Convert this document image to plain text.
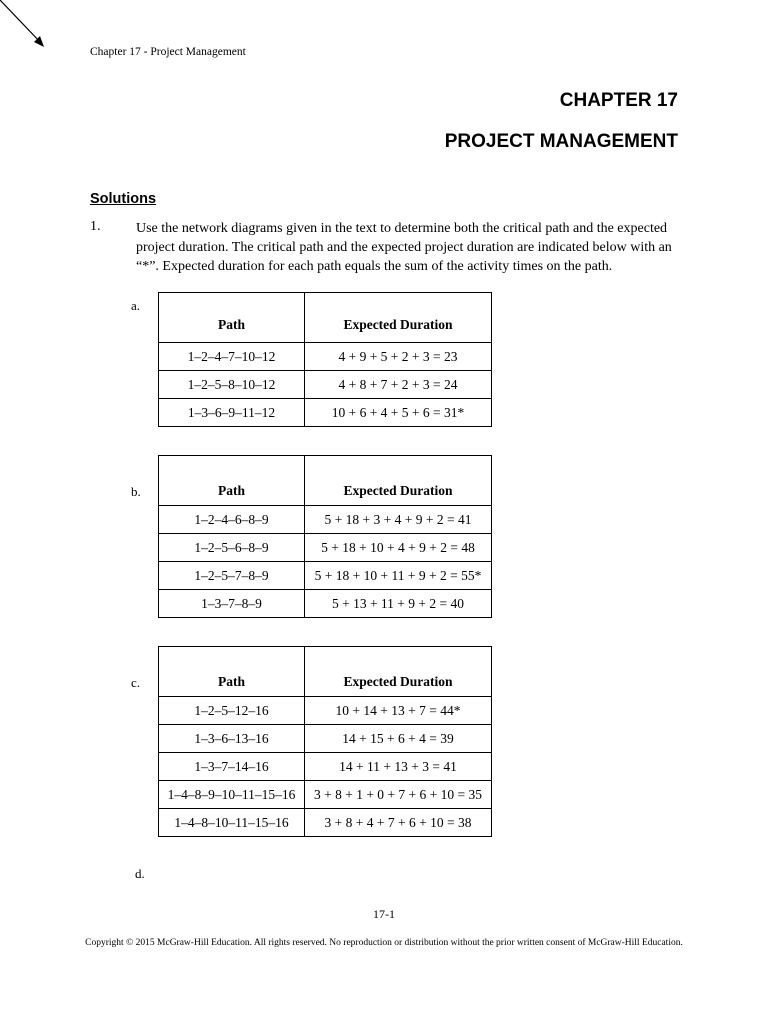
Chapter 17 - Project Management
CHAPTER 17
PROJECT MANAGEMENT
Solutions
1.	Use the network diagrams given in the text to determine both the critical path and the expected project duration. The critical path and the expected project duration are indicated below with an “*”. Expected duration for each path equals the sum of the activity times on the path.
a.
Path	Expected Duration
1–2–4–7–10–12	4 + 9 + 5 + 2 + 3 = 23
1–2–5–8–10–12	4 + 8 + 7 + 2 + 3 = 24
1–3–6–9–11–12	10 + 6 + 4 + 5 + 6 = 31*
b.	Path	Expected Duration
1–2–4–6–8–9	5 + 18 + 3 + 4 + 9 + 2 = 41
1–2–5–6–8–9	5 + 18 + 10 + 4 + 9 + 2 = 48
1–2–5–7–8–9	5 + 18 + 10 + 11 + 9 + 2 = 55*
1–3–7–8–9	5 + 13 + 11 + 9 + 2 = 40
c.	Path	Expected Duration
1–2–5–12–16	10 + 14 + 13 + 7 = 44*
1–3–6–13–16	14 + 15 + 6 + 4 = 39
1–3–7–14–16	14 + 11 + 13 + 3 = 41
1–4–8–9–10–11–15–16	3 + 8 + 1 + 0 + 7 + 6 + 10 = 35
1–4–8–10–11–15–16	3 + 8 + 4 + 7 + 6 + 10 = 38
d.
17-1
Copyright © 2015 McGraw-Hill Education. All rights reserved. No reproduction or distribution without the prior written consent of McGraw-Hill Education.
